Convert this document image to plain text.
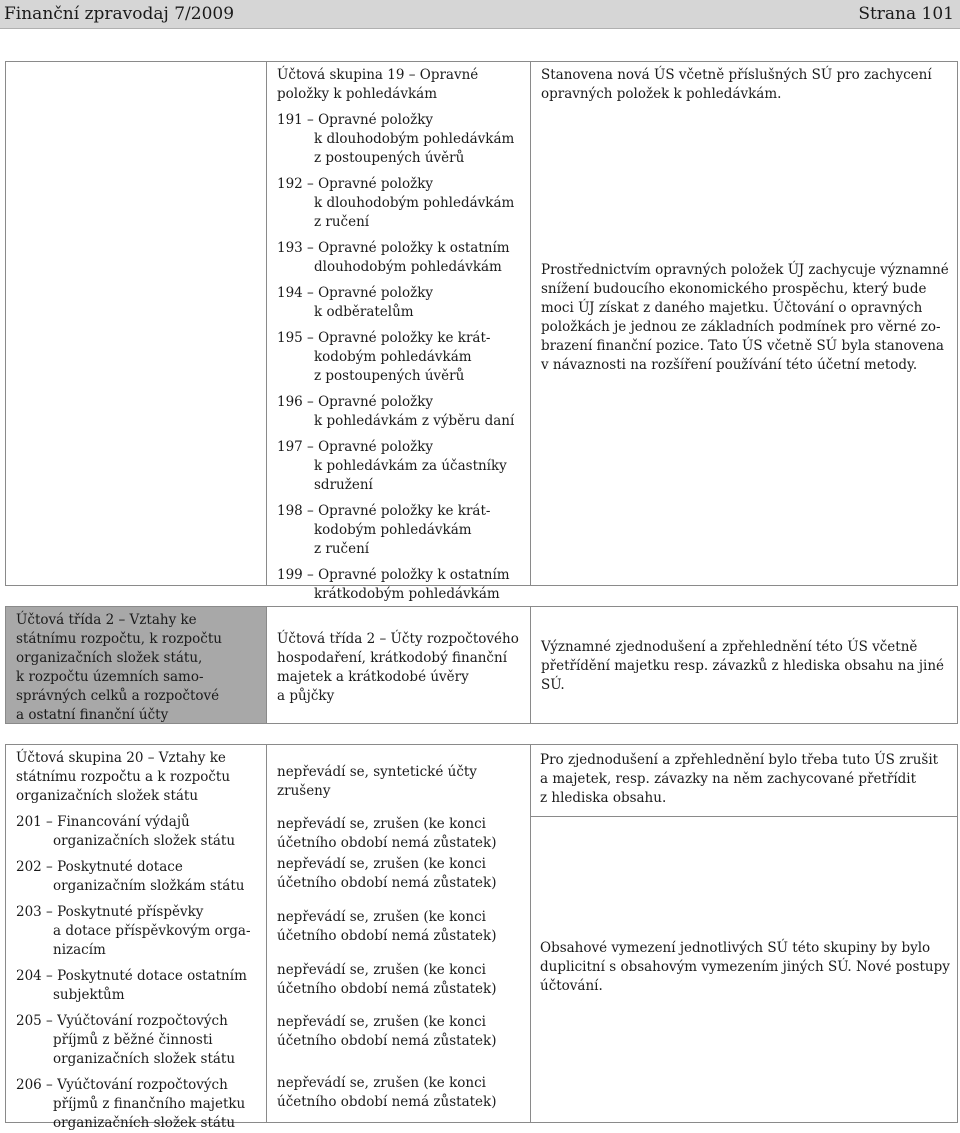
Finanční zpravodaj 7/2009	Strana 101
Účtová skupina 19 – Opravné
položky k pohledávkám
191 – Opravné položky
k dlouhodobým pohledávkám
z postoupených úvěrů
192 – Opravné položky
k dlouhodobým pohledávkám
z ručení
193 – Opravné položky k ostatním
dlouhodobým pohledávkám
194 – Opravné položky
k odběratelům
195 – Opravné položky ke krát-
kodobým pohledávkám
z postoupených úvěrů
196 – Opravné položky
k pohledávkám z výběru daní
197 – Opravné položky
k pohledávkám za účastníky
sdružení
198 – Opravné položky ke krát-
kodobým pohledávkám
z ručení
199 – Opravné položky k ostatním
krátkodobým pohledávkám
Stanovena nová ÚS včetně příslušných SÚ pro zachycení
opravných položek k pohledávkám.
Prostřednictvím opravných položek ÚJ zachycuje významné
snížení budoucího ekonomického prospěchu, který bude
moci ÚJ získat z daného majetku. Účtování o opravných
položkách je jednou ze základních podmínek pro věrné zo-
brazení finanční pozice. Tato ÚS včetně SÚ byla stanovena
v návaznosti na rozšíření používání této účetní metody.
Účtová třída 2 – Vztahy ke
státnímu rozpočtu, k rozpočtu
organizačních složek státu,
k rozpočtu územních samo-
správných celků a rozpočtové
a ostatní finanční účty
Účtová třída 2 – Účty rozpočtového
hospodaření, krátkodobý finanční
majetek a krátkodobé úvěry
a půjčky
Významné zjednodušení a zpřehlednění této ÚS včetně
přetřídění majetku resp. závazků z hlediska obsahu na jiné
SÚ.
Účtová skupina 20 – Vztahy ke
státnímu rozpočtu a k rozpočtu
organizačních složek státu
201 – Financování výdajů
organizačních složek státu
202 – Poskytnuté dotace
organizačním složkám státu
203 – Poskytnuté příspěvky
a dotace příspěvkovým orga-
nizacím
204 – Poskytnuté dotace ostatním
subjektům
205 – Vyúčtování rozpočtových
příjmů z běžné činnosti
organizačních složek státu
206 – Vyúčtování rozpočtových
příjmů z finančního majetku
organizačních složek státu
nepřevádí se, syntetické účty
zrušeny
nepřevádí se, zrušen (ke konci
účetního období nemá zůstatek)
nepřevádí se, zrušen (ke konci
účetního období nemá zůstatek)
nepřevádí se, zrušen (ke konci
účetního období nemá zůstatek)
nepřevádí se, zrušen (ke konci
účetního období nemá zůstatek)
nepřevádí se, zrušen (ke konci
účetního období nemá zůstatek)
nepřevádí se, zrušen (ke konci
účetního období nemá zůstatek)
Pro zjednodušení a zpřehlednění bylo třeba tuto ÚS zrušit
a majetek, resp. závazky na něm zachycované přetřídit
z hlediska obsahu.
Obsahové vymezení jednotlivých SÚ této skupiny by bylo
duplicitní s obsahovým vymezením jiných SÚ. Nové postupy
účtování.
